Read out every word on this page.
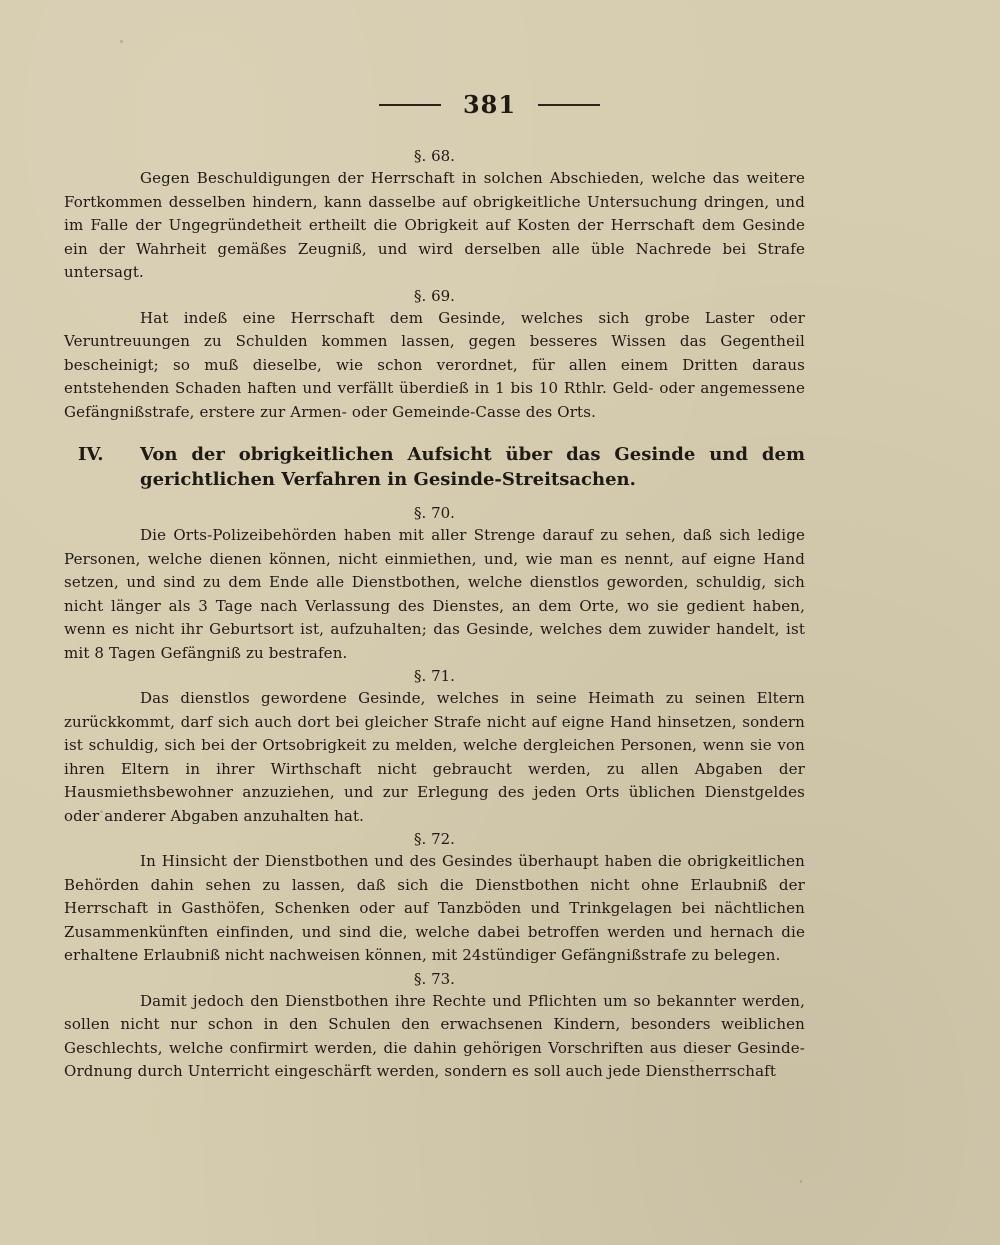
381
§. 68.

Gegen Beschuldigungen der Herrschaft in solchen Abschieden, welche das weitere Fortkommen desselben hindern, kann dasselbe auf obrigkeitliche Untersuchung dringen, und im Falle der Ungegründetheit ertheilt die Obrigkeit auf Kosten der Herrschaft dem Gesinde ein der Wahrheit gemäßes Zeugniß, und wird derselben alle üble Nachrede bei Strafe untersagt.

§. 69.

Hat indeß eine Herrschaft dem Gesinde, welches sich grobe Laster oder Veruntreuungen zu Schulden kommen lassen, gegen besseres Wissen das Gegentheil bescheinigt; so muß dieselbe, wie schon verordnet, für allen einem Dritten daraus entstehenden Schaden haften und verfällt überdieß in 1 bis 10 Rthlr. Geld- oder angemessene Gefängnißstrafe, erstere zur Armen- oder Gemeinde-Casse des Orts.

IV.	Von der obrigkeitlichen Aufsicht über das Gesinde und dem gerichtlichen Verfahren in Gesinde-Streitsachen.
§. 70.

Die Orts-Polizeibehörden haben mit aller Strenge darauf zu sehen, daß sich ledige Personen, welche dienen können, nicht einmiethen, und, wie man es nennt, auf eigne Hand setzen, und sind zu dem Ende alle Dienstbothen, welche dienstlos geworden, schuldig, sich nicht länger als 3 Tage nach Verlassung des Dienstes, an dem Orte, wo sie gedient haben, wenn es nicht ihr Geburtsort ist, aufzuhalten; das Gesinde, welches dem zuwider handelt, ist mit 8 Tagen Gefängniß zu bestrafen.

§. 71.

Das dienstlos gewordene Gesinde, welches in seine Heimath zu seinen Eltern zurückkommt, darf sich auch dort bei gleicher Strafe nicht auf eigne Hand hinsetzen, sondern ist schuldig, sich bei der Ortsobrigkeit zu melden, welche dergleichen Personen, wenn sie von ihren Eltern in ihrer Wirthschaft nicht gebraucht werden, zu allen Abgaben der Hausmiethsbewohner anzuziehen, und zur Erlegung des jeden Orts üblichen Dienstgeldes oder anderer Abgaben anzuhalten hat.

§. 72.

In Hinsicht der Dienstbothen und des Gesindes überhaupt haben die obrigkeitlichen Behörden dahin sehen zu lassen, daß sich die Dienstbothen nicht ohne Erlaubniß der Herrschaft in Gasthöfen, Schenken oder auf Tanzböden und Trinkgelagen bei nächtlichen Zusammenkünften einfinden, und sind die, welche dabei betroffen werden und hernach die erhaltene Erlaubniß nicht nachweisen können, mit 24stündiger Gefängnißstrafe zu belegen.

§. 73.

Damit jedoch den Dienstbothen ihre Rechte und Pflichten um so bekannter werden, sollen nicht nur schon in den Schulen den erwachsenen Kindern, besonders weiblichen Geschlechts, welche confirmirt werden, die dahin gehörigen Vorschriften aus dieser Gesinde-Ordnung durch Unterricht eingeschärft werden, sondern es soll auch jede Dienstherrschaft
